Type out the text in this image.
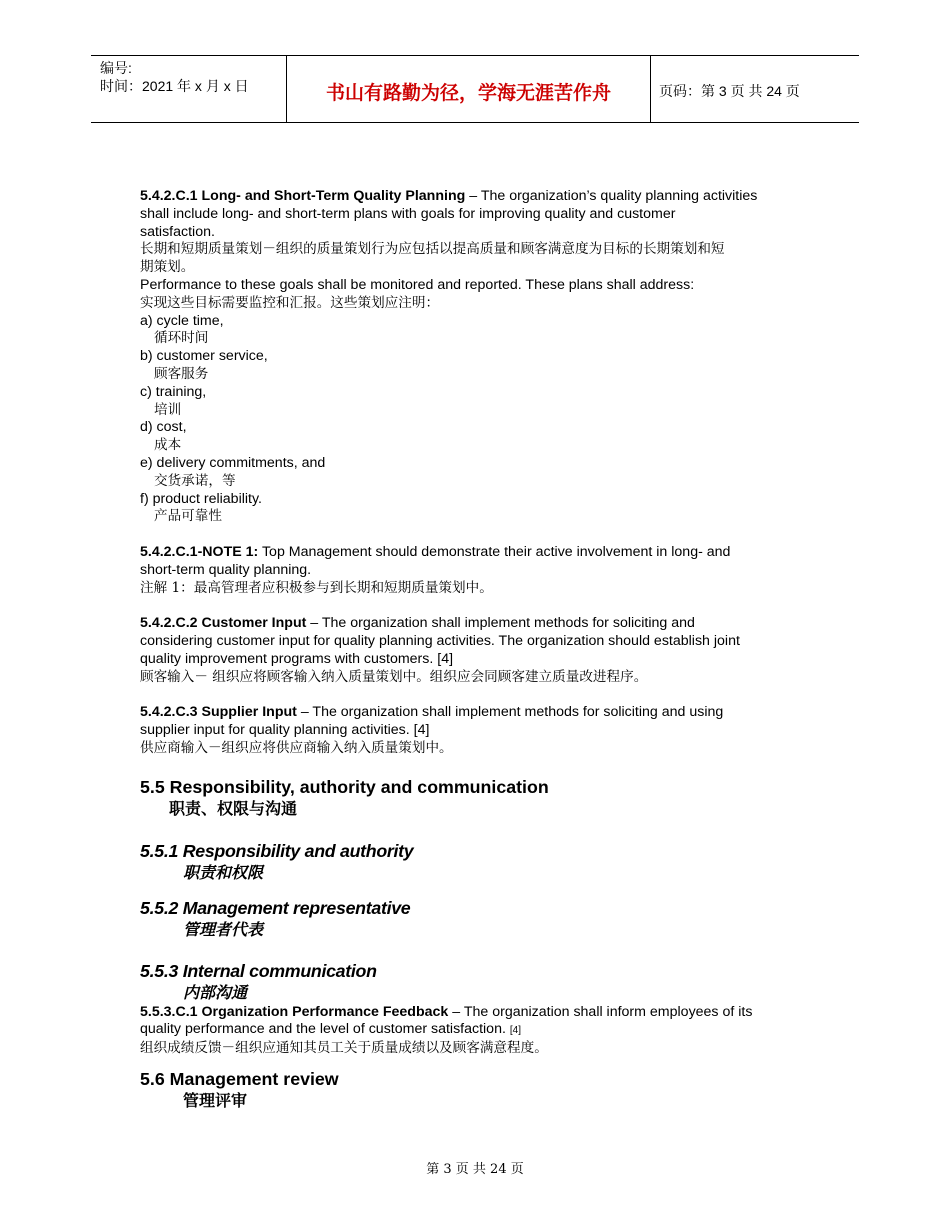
编号:
时间：2021 年 x 月 x 日	书山有路勤为径，学海无涯苦作舟	页码：第 3 页 共 24 页

5.4.2.C.1 Long- and Short-Term Quality Planning – The organization’s quality planning activities

shall include long- and short-term plans with goals for improving quality and customer

satisfaction.

长期和短期质量策划－组织的质量策划行为应包括以提高质量和顾客满意度为目标的长期策划和短

期策划。

Performance to these goals shall be monitored and reported. These plans shall address:

实现这些目标需要监控和汇报。这些策划应注明：

a) cycle time,

循环时间

b) customer service,

顾客服务

c) training,

培训

d) cost,

成本

e) delivery commitments, and

交货承诺，等

f) product reliability.

产品可靠性

5.4.2.C.1-NOTE 1: Top Management should demonstrate their active involvement in long- and

short-term quality planning.

注解 1：最高管理者应积极参与到长期和短期质量策划中。

5.4.2.C.2 Customer Input – The organization shall implement methods for soliciting and

considering customer input for quality planning activities. The organization should establish joint

quality improvement programs with customers. [4]

顾客输入－ 组织应将顾客输入纳入质量策划中。组织应会同顾客建立质量改进程序。

5.4.2.C.3 Supplier Input – The organization shall implement methods for soliciting and using

supplier input for quality planning activities. [4]

供应商输入－组织应将供应商输入纳入质量策划中。

5.5 Responsibility, authority and communication

职责、权限与沟通

5.5.1 Responsibility and authority

职责和权限

5.5.2 Management representative

管理者代表

5.5.3 Internal communication

内部沟通

5.5.3.C.1 Organization Performance Feedback – The organization shall inform employees of its

quality performance and the level of customer satisfaction. [4]

组织成绩反馈－组织应通知其员工关于质量成绩以及顾客满意程度。

5.6 Management review

管理评审

第 3 页 共 24 页
